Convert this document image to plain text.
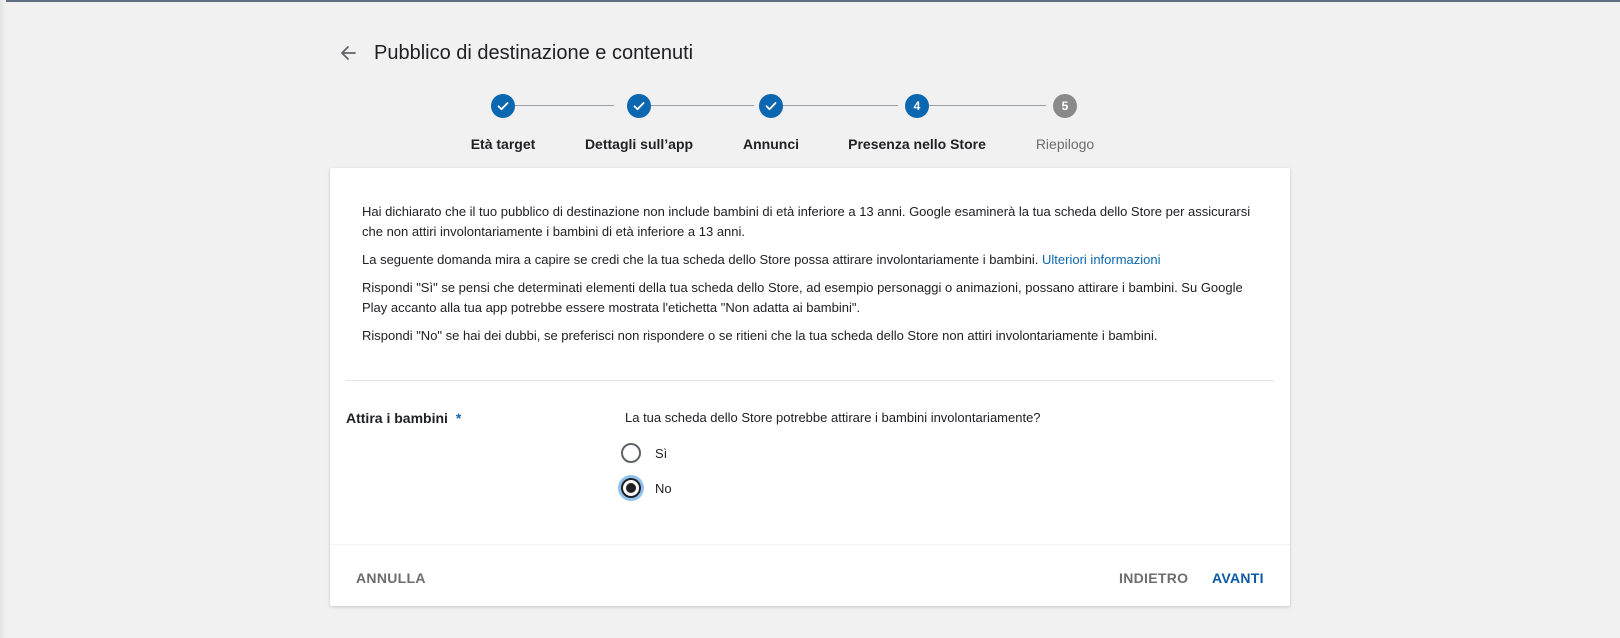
Pubblico di destinazione e contenuti
4	5
Età target	Dettagli sull’app	Annunci	Presenza nello Store	Riepilogo

Hai dichiarato che il tuo pubblico di destinazione non include bambini di età inferiore a 13 anni. Google esaminerà la tua scheda dello Store per assicurarsi che non attiri involontariamente i bambini di età inferiore a 13 anni.

La seguente domanda mira a capire se credi che la tua scheda dello Store possa attirare involontariamente i bambini. Ulteriori informazioni

Rispondi "Sì" se pensi che determinati elementi della tua scheda dello Store, ad esempio personaggi o animazioni, possano attirare i bambini. Su Google Play accanto alla tua app potrebbe essere mostrata l'etichetta "Non adatta ai bambini".

Rispondi "No" se hai dei dubbi, se preferisci non rispondere o se ritieni che la tua scheda dello Store non attiri involontariamente i bambini.

Attira i bambini *	La tua scheda dello Store potrebbe attirare i bambini involontariamente?
Sì
No
ANNULLA	INDIETRO	AVANTI
